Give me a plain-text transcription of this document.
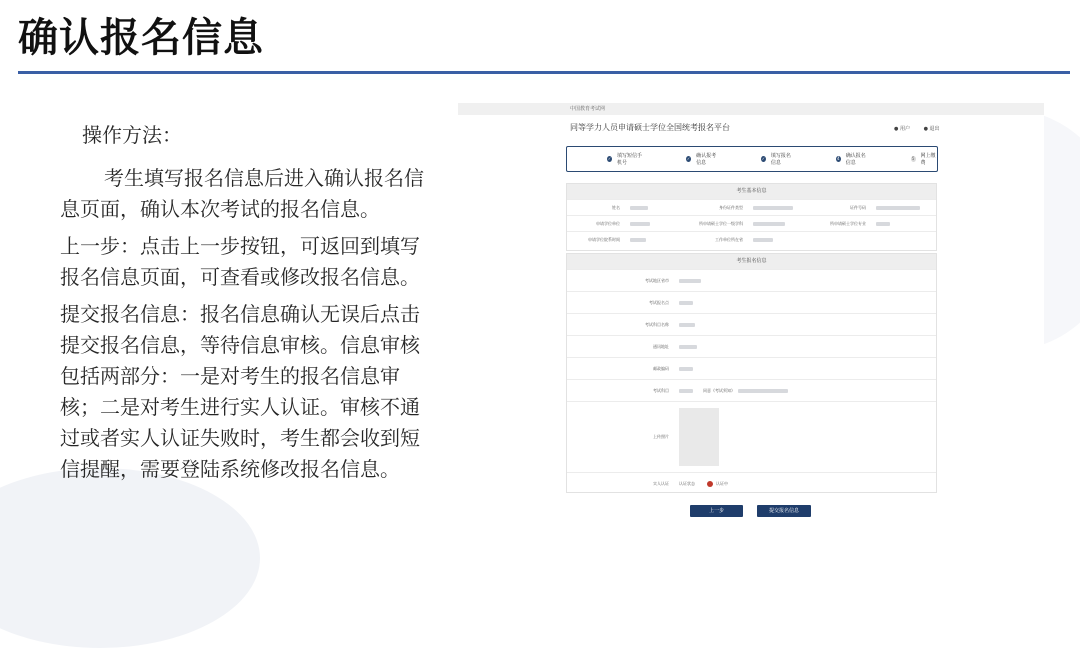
确认报名信息

操作方法：

考生填写报名信息后进入确认报名信息页面，确认本次考试的报名信息。

上一步：点击上一步按钮，可返回到填写报名信息页面，可查看或修改报名信息。

提交报名信息：报名信息确认无误后点击提交报名信息，等待信息审核。信息审核包括两部分：一是对考生的报名信息审核；二是对考生进行实人认证。审核不通过或者实人认证失败时，考生都会收到短信提醒，需要登陆系统修改报名信息。

中国教育考试网
同等学力人员申请硕士学位全国统考报名平台	● 用户	● 退出
✓ 填写短信手机号
✓ 确认报考信息
✓ 填写报名信息
4 确认报名信息
5 网上缴费
考生基本信息
姓名	身份证件类型	证件号码
申请学位单位	所申请硕士学位一级学科	所申请硕士学位专业
申请学位院系时间	工作单位所在省
考生报名信息
考试地区省市
考试报名点
考试科目名称
通讯地址
邮政编码
考试科目	同意《考试须知》
上传照片
实人认证	认证状态	认证中
上一步	提交报名信息
